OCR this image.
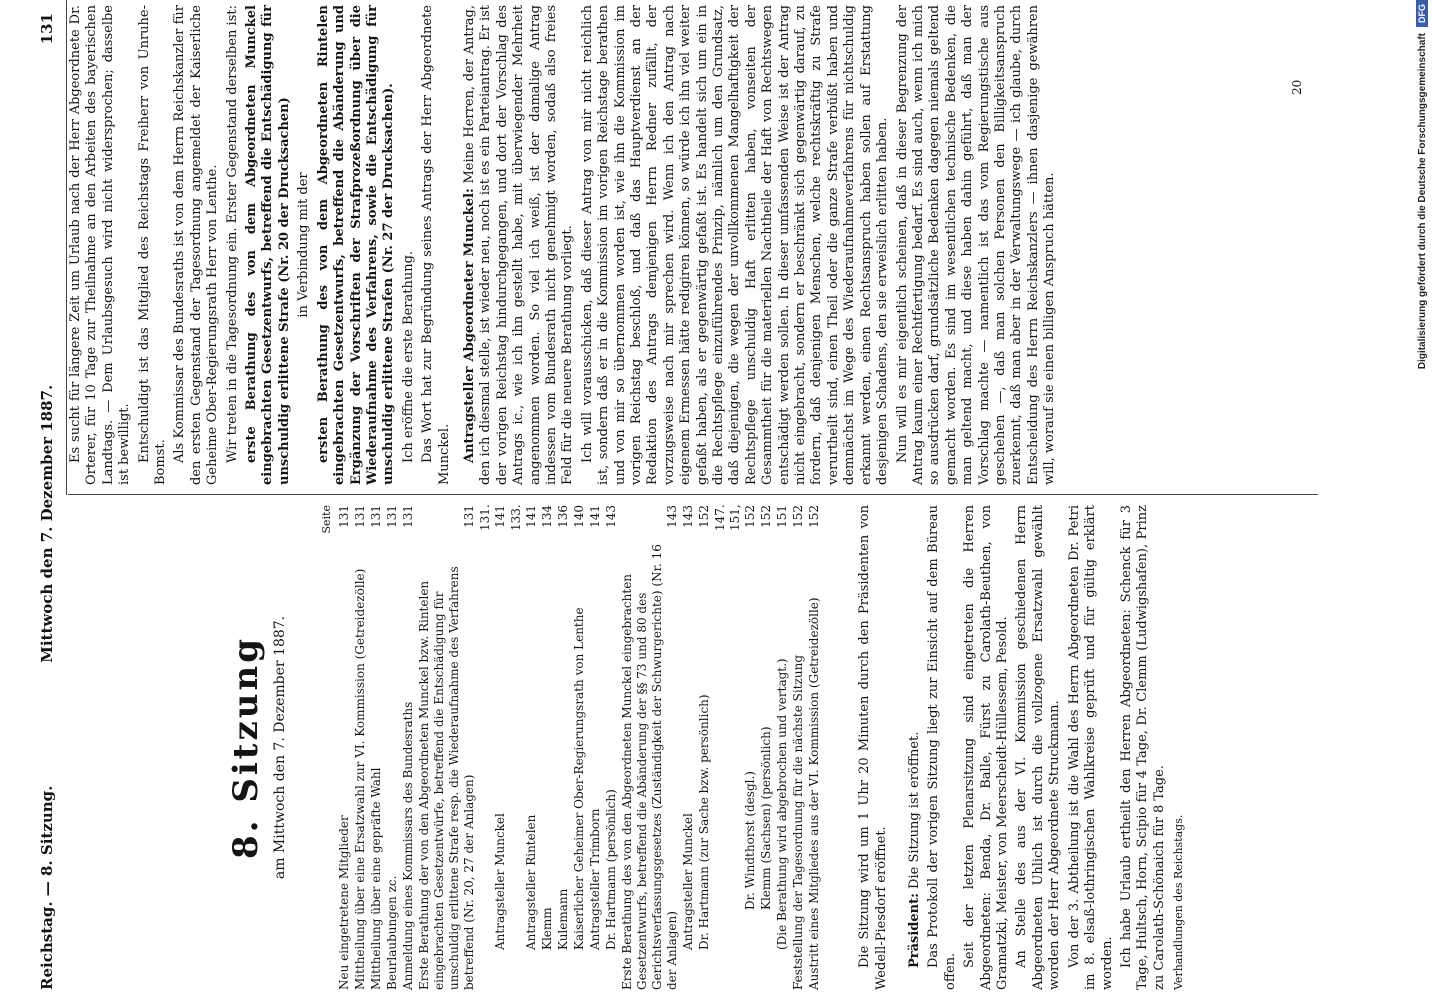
Reichstag. — 8. Sitzung.
Mittwoch den 7. Dezember 1887.  131
8. Sitzung am Mittwoch den 7. Dezember 1887.
Seite
Neu eingetretene Mitglieder
131
Mittheilung über eine Ersatzwahl zur VI. Kommission (Getreidezölle)
131
Mittheilung über eine gepräfte Wahl
131
Beurlaubungen zc.
131
Anmeldung eines Kommissars des Bundesraths
131
Erste Berathung der von den Abgeordneten Munckel bzw. Rintelen eingebrachten Gesetzentwürfe, betreffend die Entschädigung für unschuldig erlittene Strafe resp. die Wiederaufnahme des Verfahrens betreffend (Nr. 20, 27 der Anlagen)
131
Antragsteller Munckel
131. 141
Antragsteller Rintelen
133. 141
Klemm
134
Kulemann
136
Kaiserlicher Geheimer Ober-Regierungsrath von Lenthe
140
Antragsteller Trimborn
141
Dr. Hartmann (persönlich)
143
Erste Berathung des von den Abgeordneten Munckel eingebrachten Gesetzentwurfs, betreffend die Abänderung der §§ 73 und 80 des Gerichtsverfassungsgesetzes (Zuständigkeit der Schwurgerichte) (Nr. 16 der Anlagen)
143
Antragsteller Munckel
143
Dr. Hartmann (zur Sache bzw. persönlich)
152
Dr. Windthorst (desgl.)
147. 151, 152
Klemm (Sachsen) (persönlich)
152
(Die Berathung wird abgebrochen und vertagt.)
151
Feststellung der Tagesordnung für die nächste Sitzung
152
Austritt eines Mitgliedes aus der VI. Kommission (Getreidezölle)
152	Die Sitzung wird um 1 Uhr 20 Minuten durch den Präsidenten von Wedell-Piesdorf eröffnet. Präsident: Die Sitzung ist eröffnet. Das Protokoll der vorigen Sitzung liegt zur Einsicht auf dem Büreau offen.

Seit der letzten Plenarsitzung sind eingetreten die Herren Abgeordneten: Benda, Dr. Balle, Fürst zu Carolath-Beuthen, von Gramatzki, Meister, von Meerscheidt-Hüllessem, Pesold. An Stelle des aus der VI. Kommission geschiedenen Herrn Abgeordneten Uhlich ist durch die vollzogene Ersatzwahl gewählt worden der Herr Abgeordnete Struckmann. Von der 3. Abtheilung ist die Wahl des Herrn Abgeordneten Dr. Petri im 8. elsaß-lothringischen Wahlkreise geprüft und für gültig erklärt worden. Ich habe Urlaub ertheilt den Herren Abgeordneten: Schenck für 3 Tage, Hultsch, Horn, Scipio für 4 Tage, Dr. Clemm (Ludwigshafen), Prinz zu Carolath-Schönaich für 8 Tage. Verhandlungen des Reichstags.

Es sucht für längere Zeit um Urlaub nach der Herr Abgeordnete Dr. Orterer, für 10 Tage zur Theilnahme an den Arbeiten des bayerischen Landtags. — Dem Urlaubsgesuch wird nicht widersprochen; dasselbe ist bewilligt. Entschuldigt ist das Mitglied des Reichstags Freiherr von Unruhe-Bomst. Als Kommissar des Bundesraths ist von dem Herrn Reichskanzler für den ersten Gegenstand der Tagesordnung angemeldet der Kaiserliche Geheime Ober-Regierungsrath Herr von Lenthe. Wir treten in die Tagesordnung ein. Erster Gegenstand derselben ist: erste Berathung des von dem Abgeordneten Munckel eingebrachten Gesetzentwurfs, betreffend die Entschädigung für unschuldig erlittene Strafe (Nr. 20 der Drucksachen) in Verbindung mit der ersten Berathung des von dem Abgeordneten Rintelen eingebrachten Gesetzentwurfs, betreffend die Abänderung und Ergänzung der Vorschriften der Strafprozeßordnung über die Wiederaufnahme des Verfahrens, sowie die Entschädigung für unschuldig erlittene Strafen (Nr. 27 der Drucksachen). Ich eröffne die erste Berathung. Das Wort hat zur Begründung seines Antrags der Herr Abgeordnete Munckel. Antragsteller Abgeordneter Munckel: Meine Herren, der Antrag, den ich diesmal stelle, ist wieder neu, noch ist es ein Parteiantrag. Er ist der vorigen Reichstag hindurchgegangen, und dort der Vorschlag des Antrags ic., wie ich ihn gestellt habe, mit überwiegender Mehrheit angenommen worden. So viel ich weiß, ist der damalige Antrag indessen vom Bundesrath nicht genehmigt worden, sodaß also freies Feld für die neuere Berathung vorliegt. Ich will vorausschicken, daß dieser Antrag von mir nicht reichlich ist, sondern daß er in die Kommission im vorigen Reichstage berathen und von mir so übernommen worden ist, wie ihn die Kommission im vorigen Reichstag beschloß, und daß das Hauptverdienst an der Redaktion des Antrags demjenigen Herrn Redner zufällt, der vorzugsweise nach mir sprechen wird. Wenn ich den Antrag nach eigenem Ermessen hätte redigiren können, so würde ich ihn viel weiter gefaßt haben, als er gegenwärtig gefaßt ist. Es handelt sich um ein in die Rechtspflege einzuführendes Prinzip, nämlich um den Grundsatz, daß diejenigen, die wegen der unvollkommenen Mangelhaftigkeit der Rechtspflege unschuldig Haft erlitten haben, vonseiten der Gesammtheit für die materiellen Nachtheile der Haft von Rechtswegen entschädigt werden sollen. In dieser umfassenden Weise ist der Antrag nicht eingebracht, sondern er beschränkt sich gegenwärtig darauf, zu fordern, daß denjenigen Menschen, welche rechtskräftig zu Strafe verurtheilt sind, einen Theil oder die ganze Strafe verbüßt haben und demnächst im Wege des Wiederaufnahmeverfahrens für nichtschuldig erkannt werden, einen Rechtsanspruch haben sollen auf Erstattung desjenigen Schadens, den sie erweislich erlitten haben. Nun will es mir eigentlich scheinen, daß in dieser Begrenzung der Antrag kaum einer Rechtfertigung bedarf. Es sind auch, wenn ich mich so ausdrücken darf, grundsätzliche Bedenken dagegen niemals geltend gemacht worden. Es sind im wesentlichen technische Bedenken, die man geltend macht, und diese haben dahin geführt, daß man der Vorschlag machte — namentlich ist das vom Regierungstische aus geschehen —, daß man solchen Personen den Billigkeitsanspruch zuerkennt, daß man aber in der Verwaltungswege — ich glaube, durch Entscheidung des Herrn Reichskanzlers — ihnen dasjenige gewähren will, worauf sie einen billigen Anspruch hätten.

20	Digitalisierung gefördert durch die Deutsche Forschungsgemeinschaft
DFG
